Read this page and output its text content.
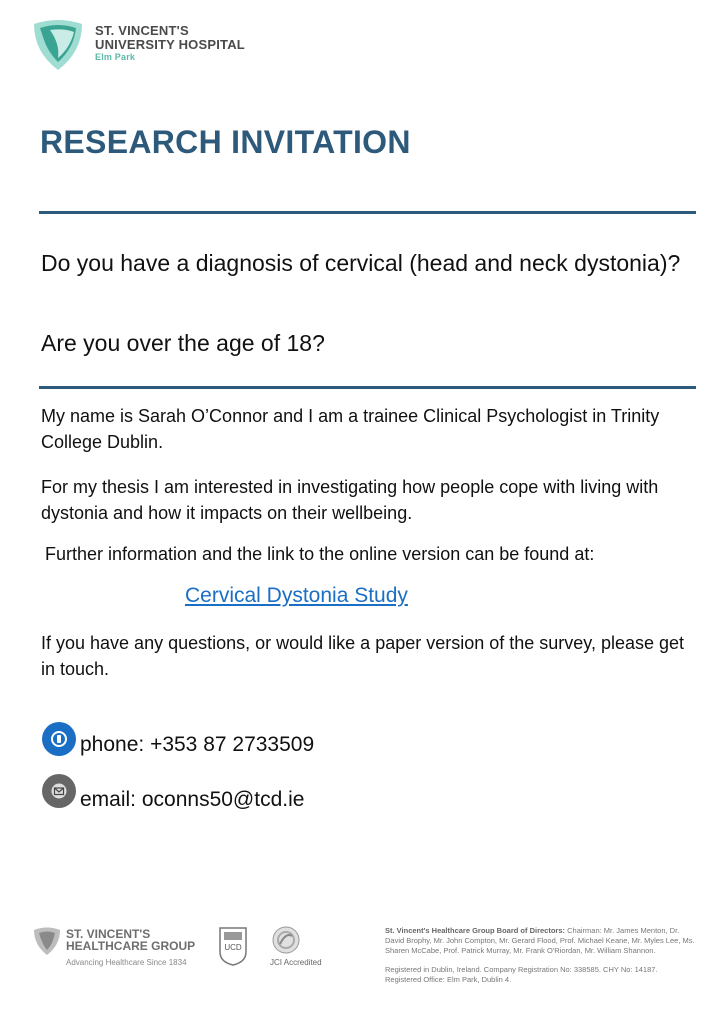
ST. VINCENT'S
UNIVERSITY HOSPITAL
Elm Park
RESEARCH INVITATION
Do you have a diagnosis of cervical (head and neck dystonia)?
Are you over the age of 18?
My name is Sarah O’Connor and I am a trainee Clinical Psychologist in Trinity College Dublin.
For my thesis I am interested in investigating how people cope with living with dystonia and how it impacts on their wellbeing.
Further information and the link to the online version can be found at:
Cervical Dystonia Study
If you have any questions, or would like a paper version of the survey, please get in touch.
phone: +353 87 2733509
email: oconns50@tcd.ie
ST. VINCENT'S
HEALTHCARE GROUP
Advancing Healthcare Since 1834
UCD
JCI Accredited
St. Vincent's Healthcare Group Board of Directors: Chairman: Mr. James Menton, Dr. David Brophy, Mr. John Compton, Mr. Gerard Flood, Prof. Michael Keane, Mr. Myles Lee, Ms. Sharen McCabe, Prof. Patrick Murray, Mr. Frank O'Riordan, Mr. William Shannon.
Registered in Dublin, Ireland. Company Registration No: 338585. CHY No: 14187. Registered Office: Elm Park, Dublin 4.
